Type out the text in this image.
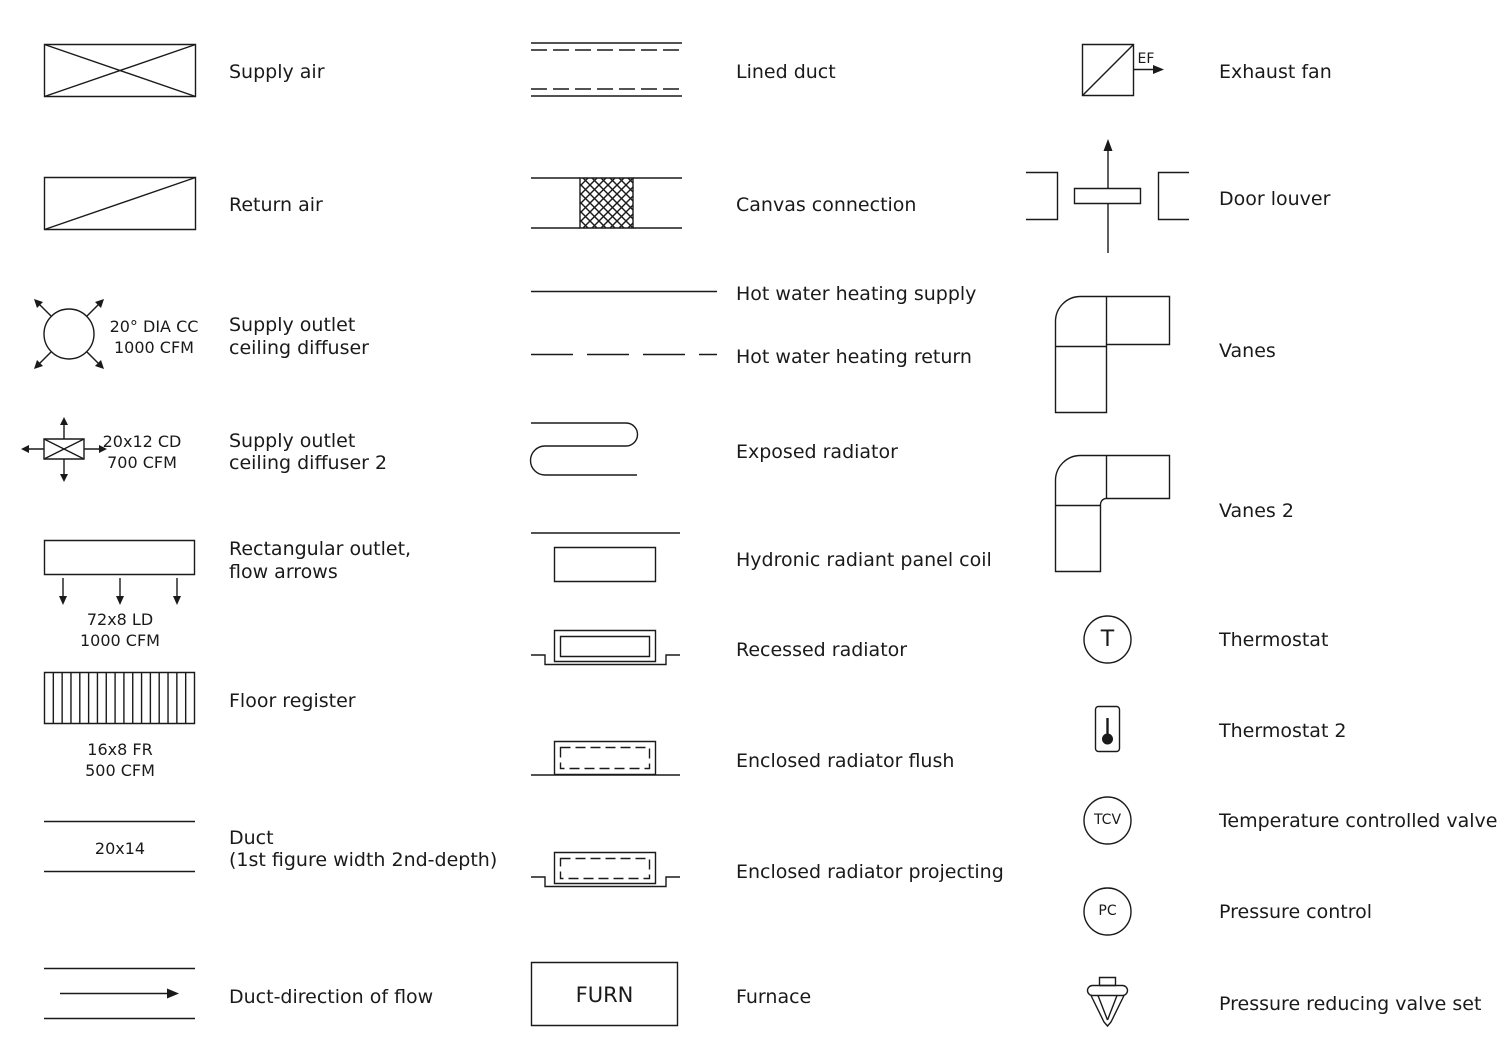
Supply air
Return air
20° DIA CC
1000 CFM
Supply outlet
ceiling diffuser
20x12 CD
700 CFM
Supply outlet
ceiling diffuser 2
72x8 LD
1000 CFM
Rectangular outlet,
flow arrows
16x8 FR
500 CFM
Floor register
20x14	Duct
(1st figure width 2nd-depth)
Duct-direction of flow
Lined duct
Canvas connection
Hot water heating supply
Hot water heating return
Exposed radiator
Hydronic radiant panel coil
Recessed radiator
Enclosed radiator flush
Enclosed radiator projecting
FURN	Furnace
EF
Exhaust fan
Door louver
Vanes
Vanes 2
T	Thermostat
Thermostat 2
TCV	Temperature controlled valve
PC	Pressure control
Pressure reducing valve set
